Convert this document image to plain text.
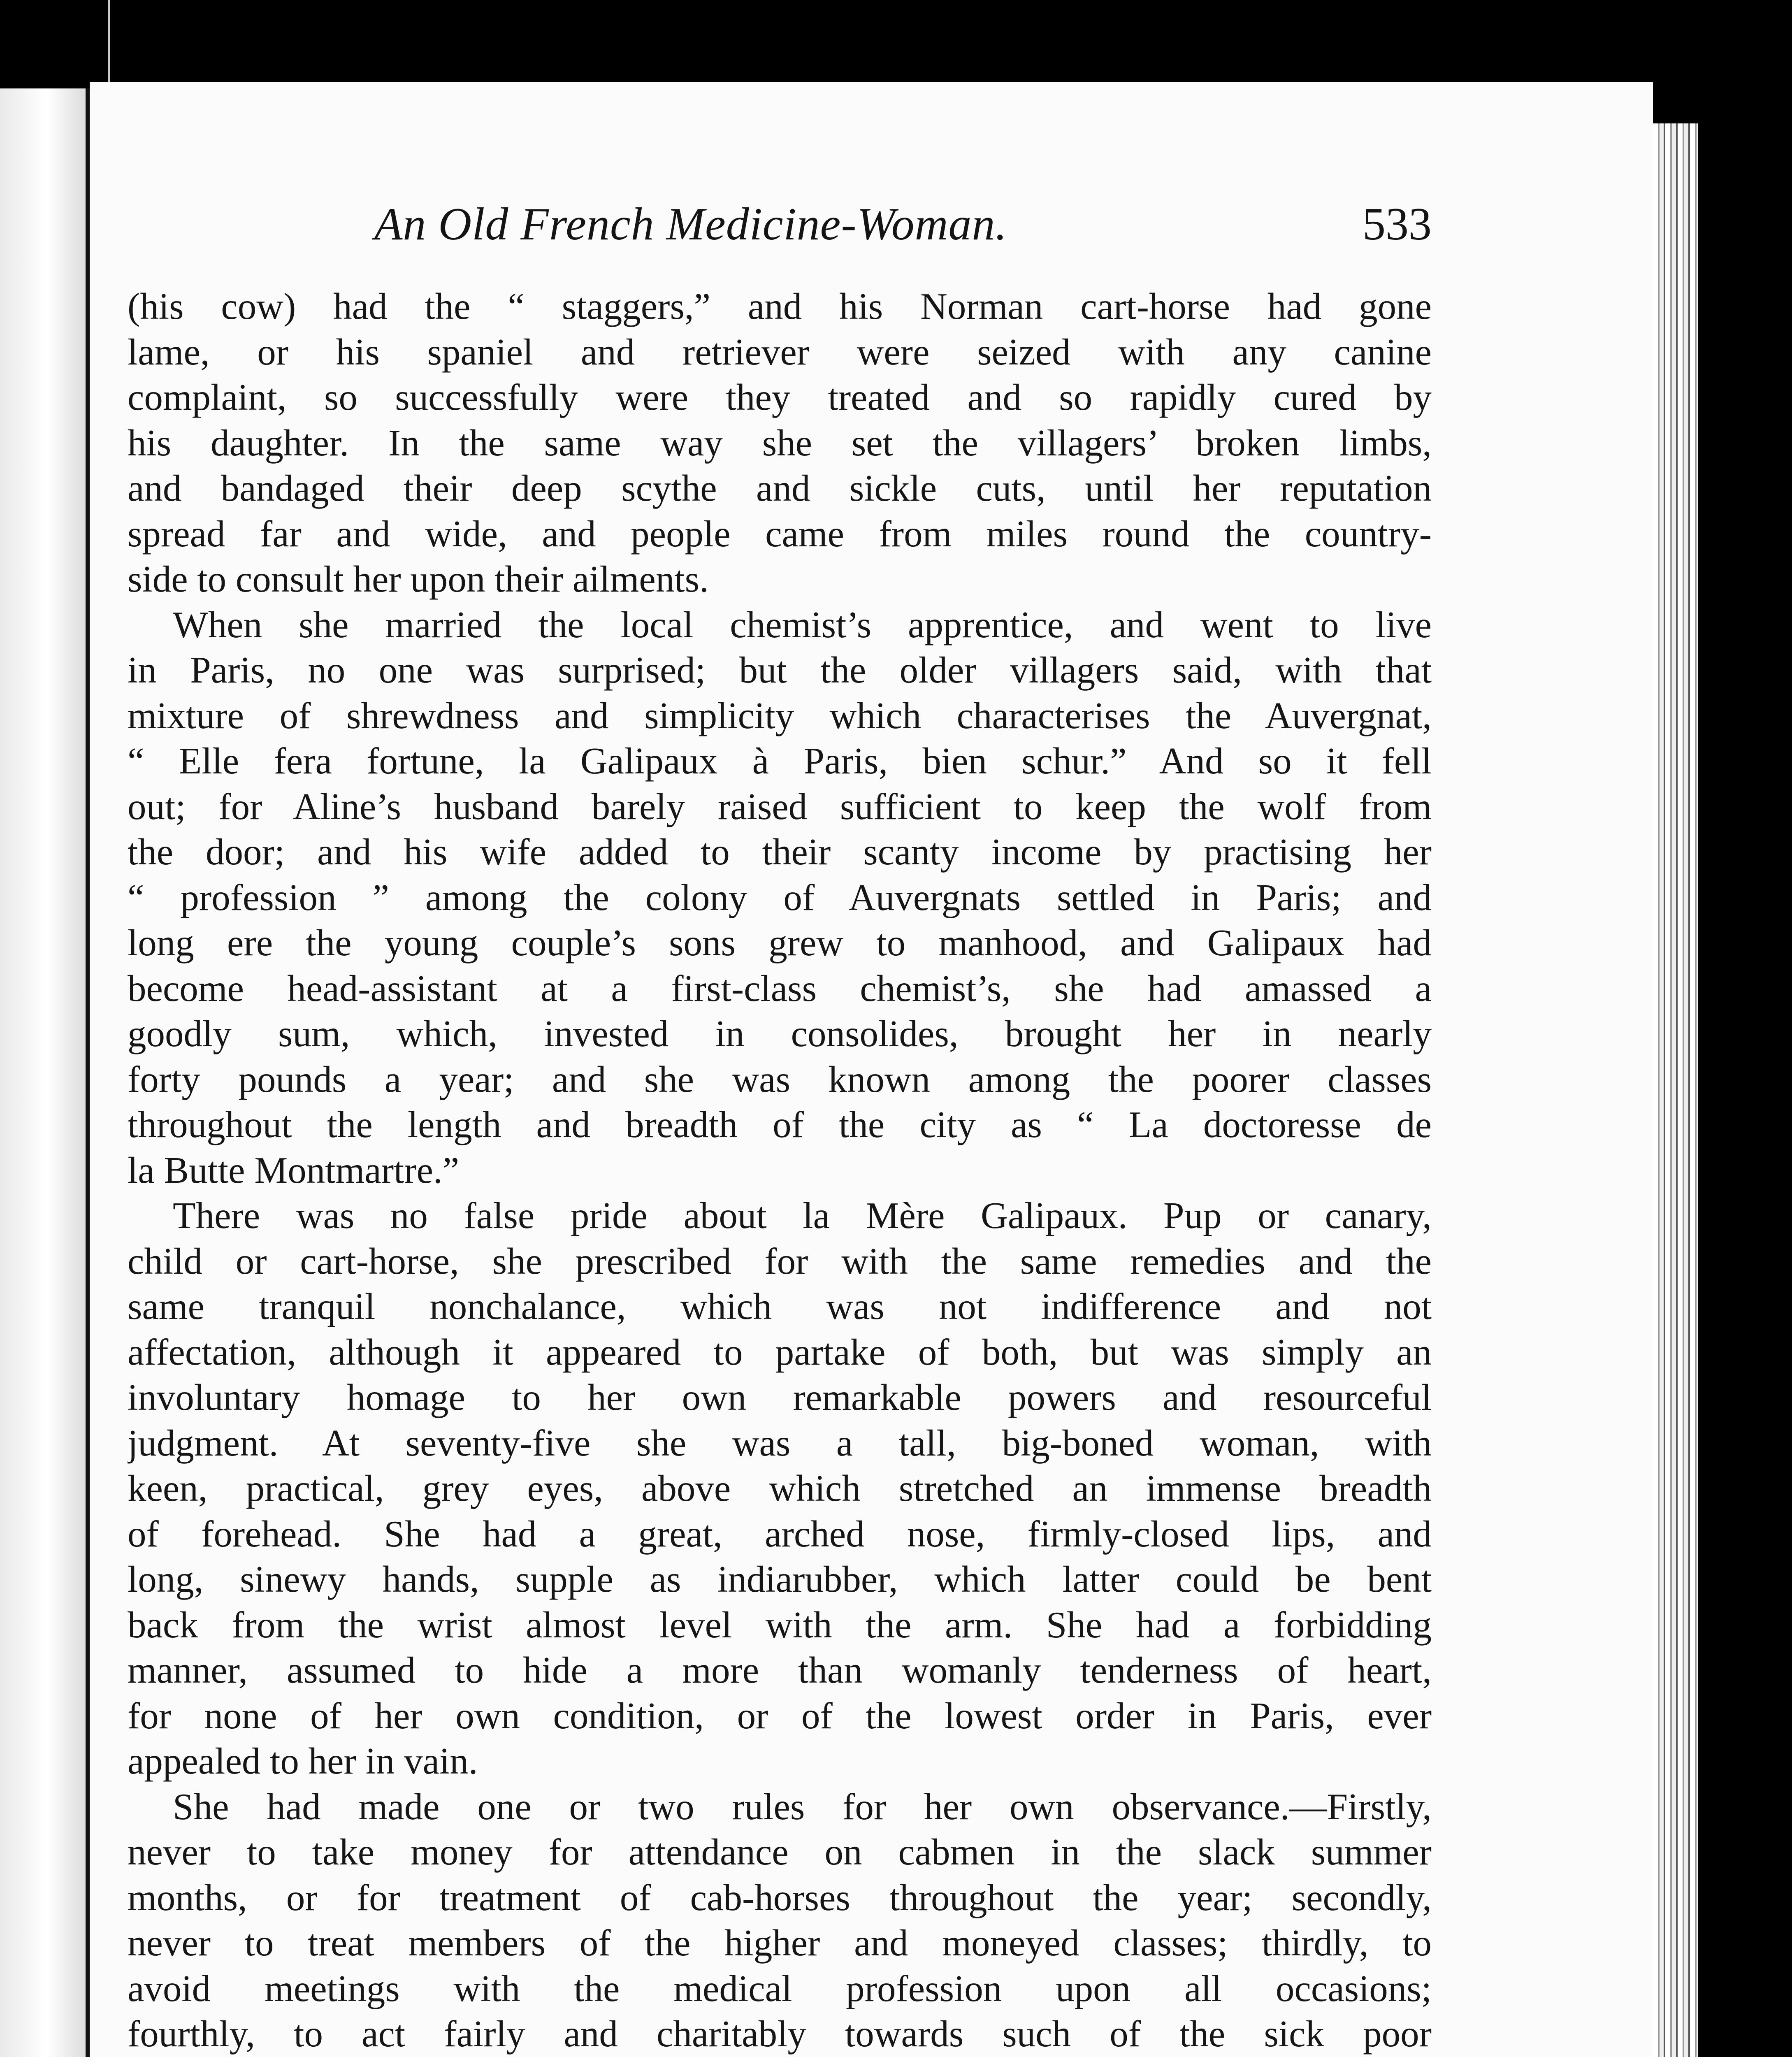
An Old French Medicine-Woman.	533
(his cow) had the “ staggers,” and his Norman cart-horse had gone
lame, or his spaniel and retriever were seized with any canine
complaint, so successfully were they treated and so rapidly cured by
his daughter. In the same way she set the villagers’ broken limbs,
and bandaged their deep scythe and sickle cuts, until her reputation
spread far and wide, and people came from miles round the country-
side to consult her upon their ailments.
When she married the local chemist’s apprentice, and went to live
in Paris, no one was surprised; but the older villagers said, with that
mixture of shrewdness and simplicity which characterises the Auvergnat,
“ Elle fera fortune, la Galipaux à Paris, bien schur.” And so it fell
out; for Aline’s husband barely raised sufficient to keep the wolf from
the door; and his wife added to their scanty income by practising her
“ profession ” among the colony of Auvergnats settled in Paris; and
long ere the young couple’s sons grew to manhood, and Galipaux had
become head-assistant at a first-class chemist’s, she had amassed a
goodly sum, which, invested in consolides, brought her in nearly
forty pounds a year; and she was known among the poorer classes
throughout the length and breadth of the city as “ La doctoresse de
la Butte Montmartre.”
There was no false pride about la Mère Galipaux. Pup or canary,
child or cart-horse, she prescribed for with the same remedies and the
same tranquil nonchalance, which was not indifference and not
affectation, although it appeared to partake of both, but was simply an
involuntary homage to her own remarkable powers and resourceful
judgment. At seventy-five she was a tall, big-boned woman, with
keen, practical, grey eyes, above which stretched an immense breadth
of forehead. She had a great, arched nose, firmly-closed lips, and
long, sinewy hands, supple as indiarubber, which latter could be bent
back from the wrist almost level with the arm. She had a forbidding
manner, assumed to hide a more than womanly tenderness of heart,
for none of her own condition, or of the lowest order in Paris, ever
appealed to her in vain.
She had made one or two rules for her own observance.—Firstly,
never to take money for attendance on cabmen in the slack summer
months, or for treatment of cab-horses throughout the year; secondly,
never to treat members of the higher and moneyed classes; thirdly, to
avoid meetings with the medical profession upon all occasions;
fourthly, to act fairly and charitably towards such of the sick poor
